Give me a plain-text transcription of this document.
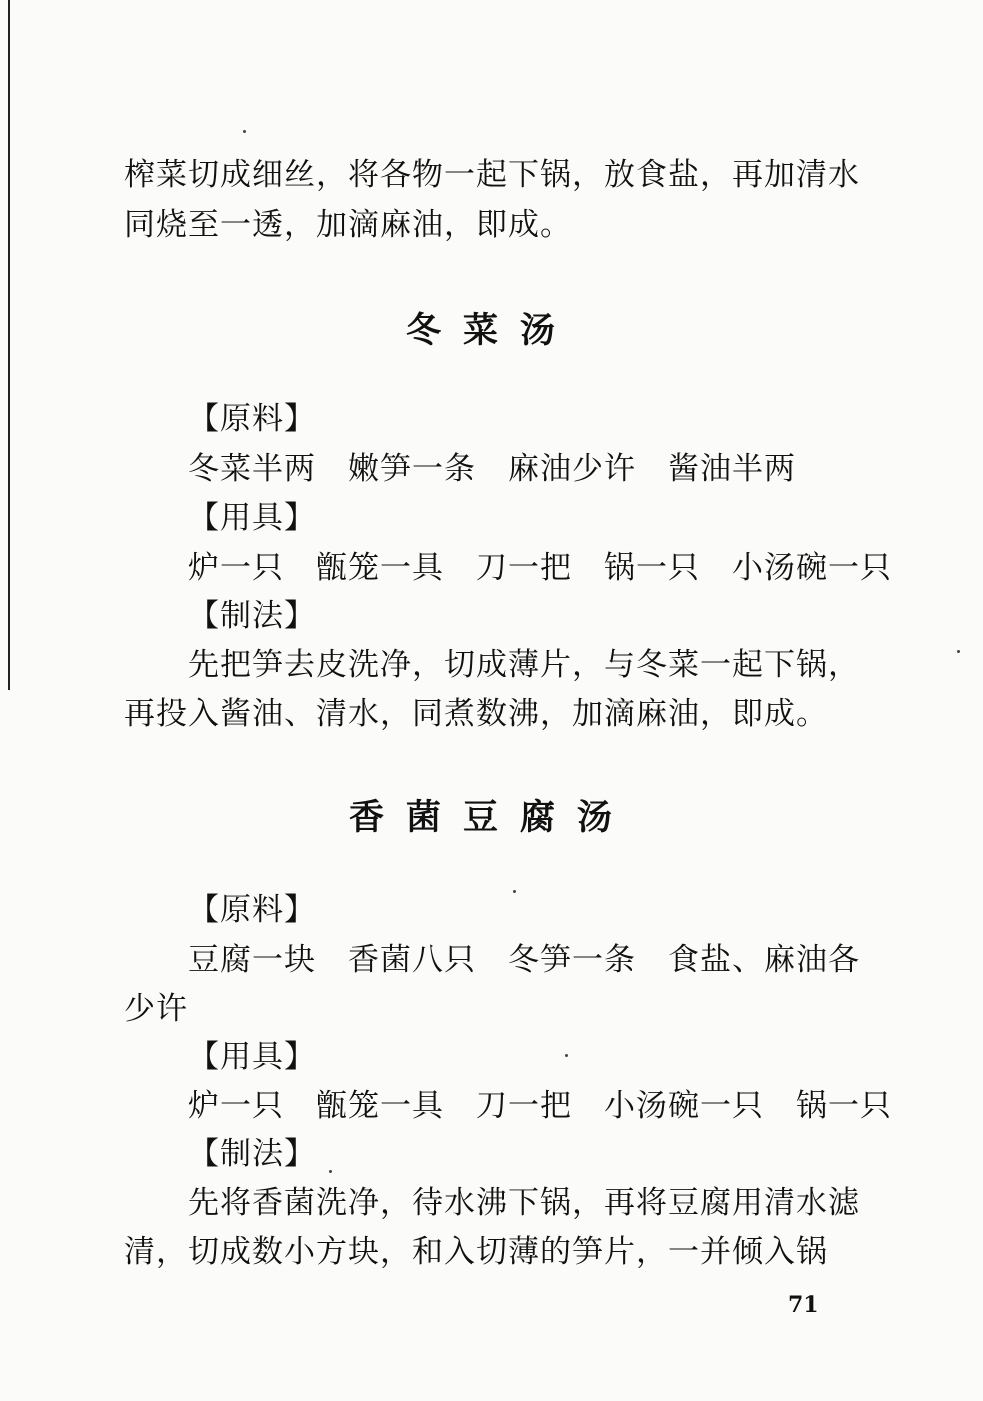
榨菜切成细丝，将各物一起下锅，放食盐，再加清水
同烧至一透，加滴麻油，即成。
冬菜汤
【原料】
冬菜半两　嫩笋一条　麻油少许　酱油半两
【用具】
炉一只　甑笼一具　刀一把　锅一只　小汤碗一只
【制法】
先把笋去皮洗净，切成薄片，与冬菜一起下锅，
再投入酱油、清水，同煮数沸，加滴麻油，即成。
香菌豆腐汤
【原料】
豆腐一块　香菌八只　冬笋一条　食盐、麻油各
少许
【用具】
炉一只　甑笼一具　刀一把　小汤碗一只　锅一只
【制法】
先将香菌洗净，待水沸下锅，再将豆腐用清水滤
清，切成数小方块，和入切薄的笋片，一并倾入锅
71
